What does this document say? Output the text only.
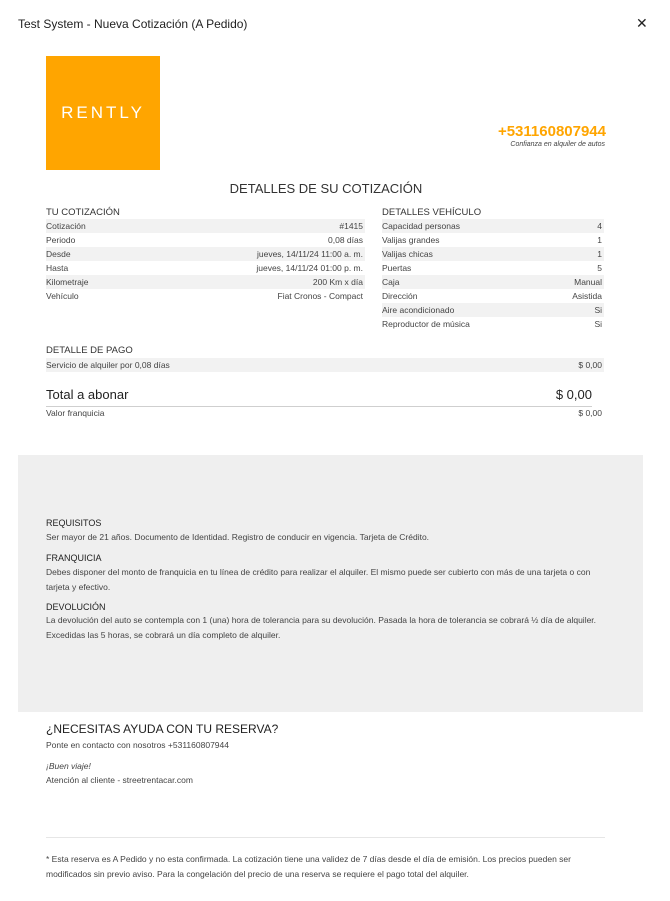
Test System - Nueva Cotización (A Pedido)	✕
RENTLY
+531160807944
Confianza en alquiler de autos
DETALLES DE SU COTIZACIÓN
TU COTIZACIÓN
Cotización	#1415
Periodo	0,08 días
Desde	jueves, 14/11/24 11:00 a. m.
Hasta	jueves, 14/11/24 01:00 p. m.
Kilometraje	200 Km x día
Vehículo	Fiat Cronos - Compact
DETALLES VEHÍCULO
Capacidad personas	4
Valijas grandes	1
Valijas chicas	1
Puertas	5
Caja	Manual
Dirección	Asistida
Aire acondicionado	Si
Reproductor de música	Si
DETALLE DE PAGO
Servicio de alquiler por 0,08 días	$ 0,00
Total a abonar	$ 0,00
Valor franquicia	$ 0,00
REQUISITOS
Ser mayor de 21 años. Documento de Identidad. Registro de conducir en vigencia. Tarjeta de Crédito.
FRANQUICIA
Debes disponer del monto de franquicia en tu línea de crédito para realizar el alquiler. El mismo puede ser cubierto con más de una tarjeta o con tarjeta y efectivo.
DEVOLUCIÓN
La devolución del auto se contempla con 1 (una) hora de tolerancia para su devolución. Pasada la hora de tolerancia se cobrará ½ día de alquiler. Excedidas las 5 horas, se cobrará un día completo de alquiler.
¿NECESITAS AYUDA CON TU RESERVA?
Ponte en contacto con nosotros +531160807944
¡Buen viaje!
Atención al cliente - streetrentacar.com
* Esta reserva es A Pedido y no esta confirmada. La cotización tiene una validez de 7 días desde el día de emisión. Los precios pueden ser modificados sin previo aviso. Para la congelación del precio de una reserva se requiere el pago total del alquiler.
